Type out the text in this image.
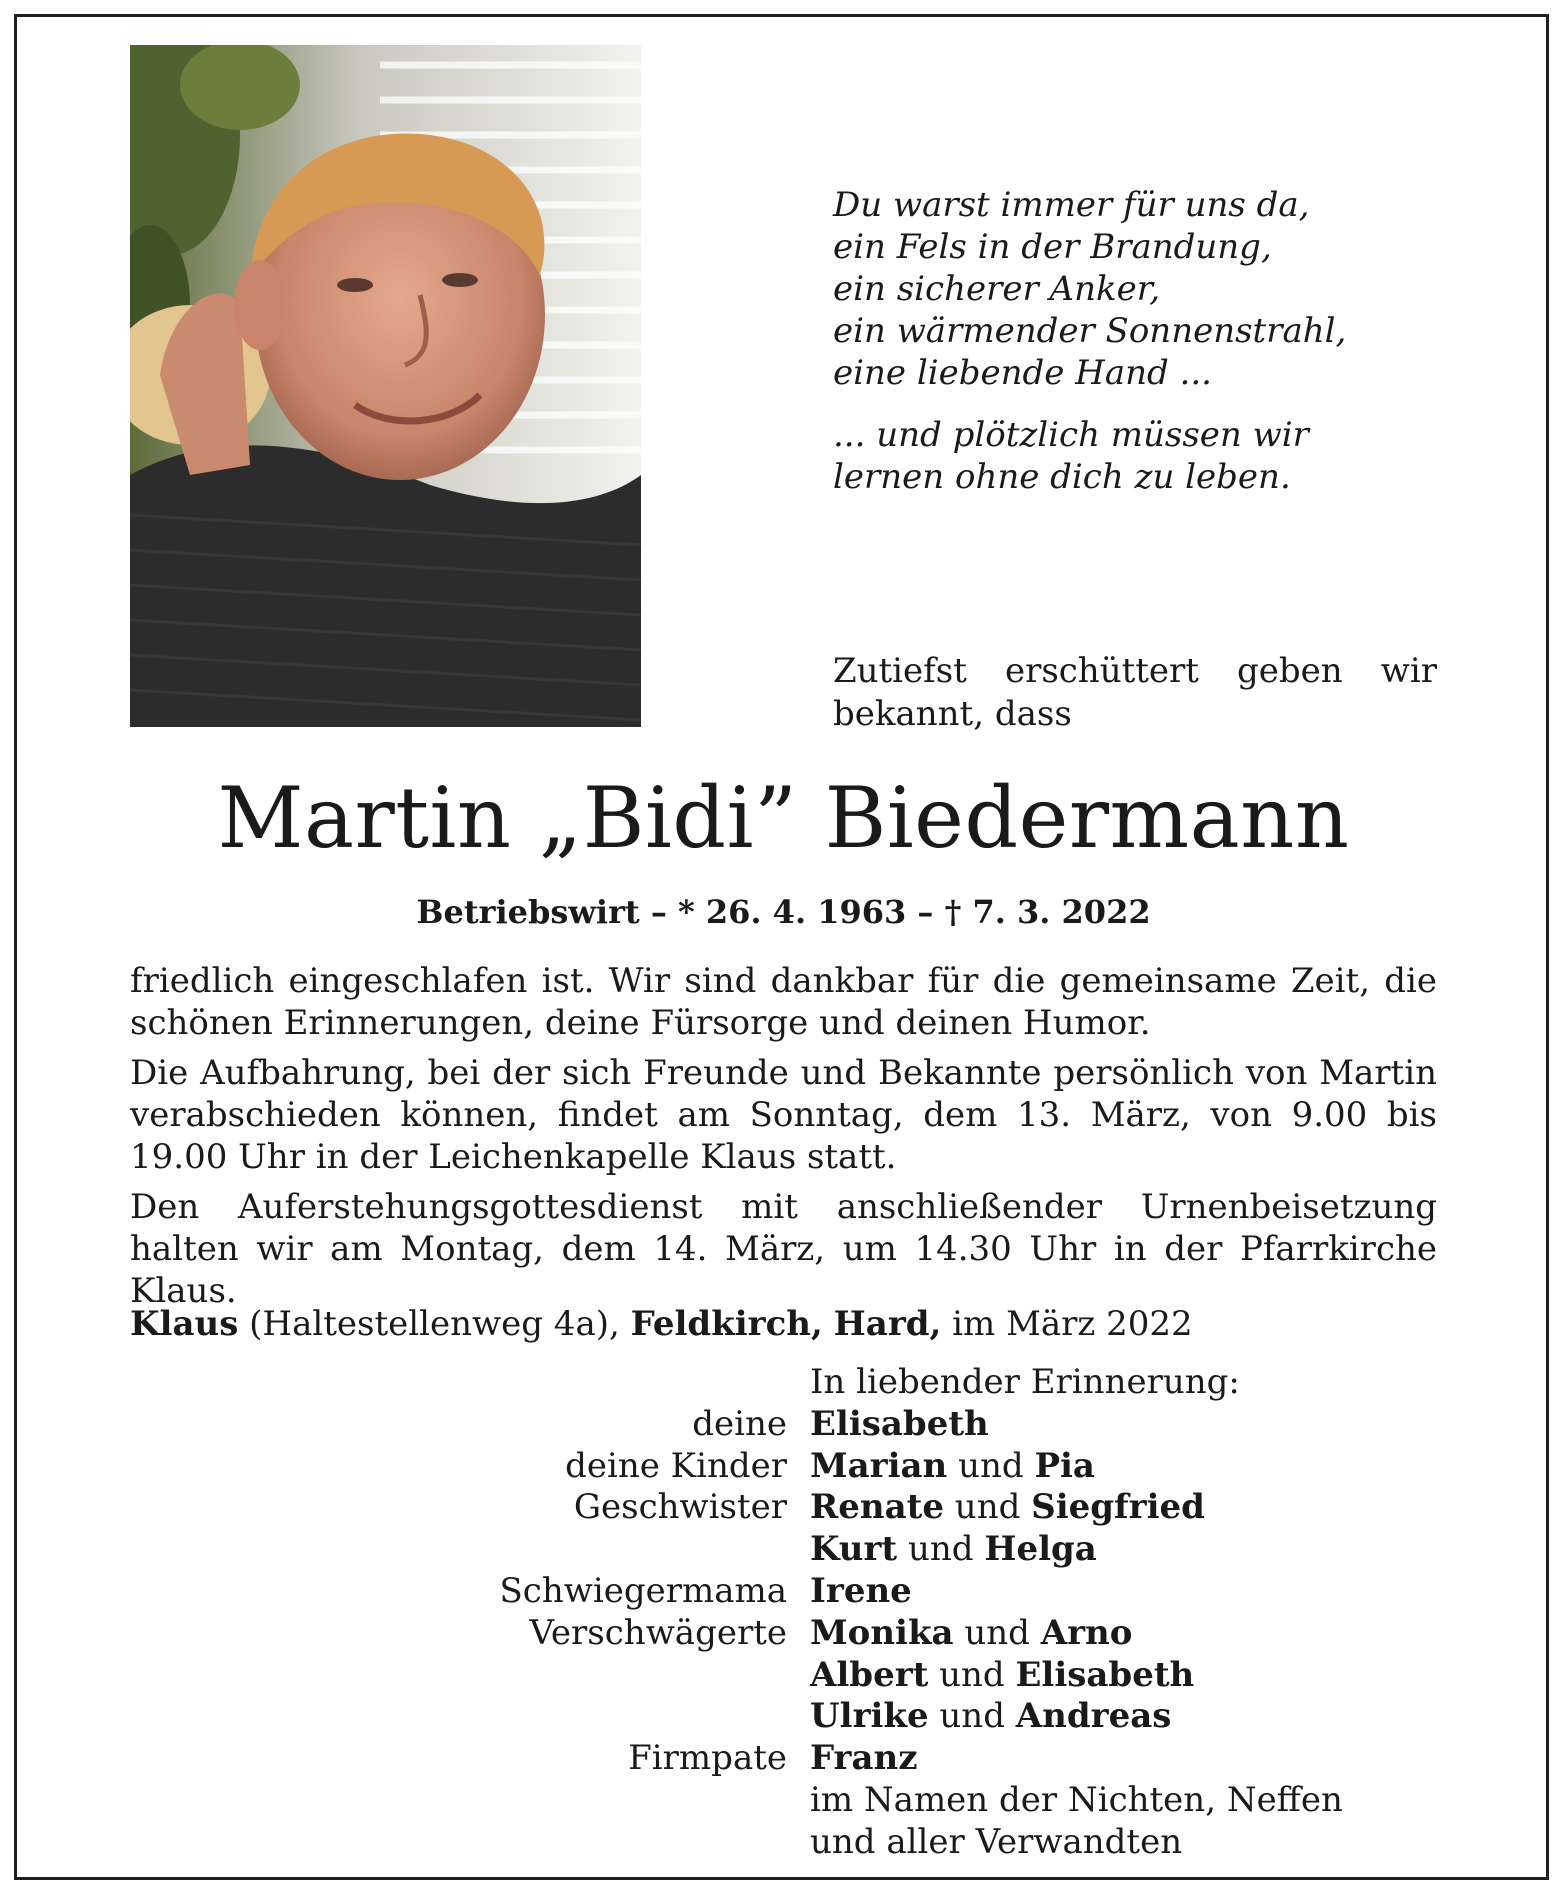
Du warst immer für uns da,

ein Fels in der Brandung,

ein sicherer Anker,

ein wärmender Sonnenstrahl,

eine liebende Hand ...

... und plötzlich müssen wir

lernen ohne dich zu leben.

Zutiefst erschüttert geben wir bekannt, dass
Martin „Bidi” Biedermann
Betriebswirt – * 26. 4. 1963 – † 7. 3. 2022

friedlich eingeschlafen ist. Wir sind dankbar für die gemeinsame Zeit, die schönen Erinnerungen, deine Fürsorge und deinen Humor.

Die Aufbahrung, bei der sich Freunde und Bekannte persönlich von Martin verabschieden können, findet am Sonntag, dem 13. März, von 9.00 bis 19.00 Uhr in der Leichenkapelle Klaus statt.

Den Auferstehungsgottesdienst mit anschließender Urnenbeisetzung halten wir am Montag, dem 14. März, um 14.30 Uhr in der Pfarrkirche Klaus.

Klaus (Haltestellenweg 4a), Feldkirch, Hard, im März 2022
In liebender Erinnerung:
deine Elisabeth
deine Kinder Marian und Pia
Geschwister Renate und Siegfried
Kurt und Helga
Schwiegermama Irene
Verschwägerte Monika und Arno
Albert und Elisabeth
Ulrike und Andreas
Firmpate Franz
im Namen der Nichten, Neffen
und aller Verwandten
